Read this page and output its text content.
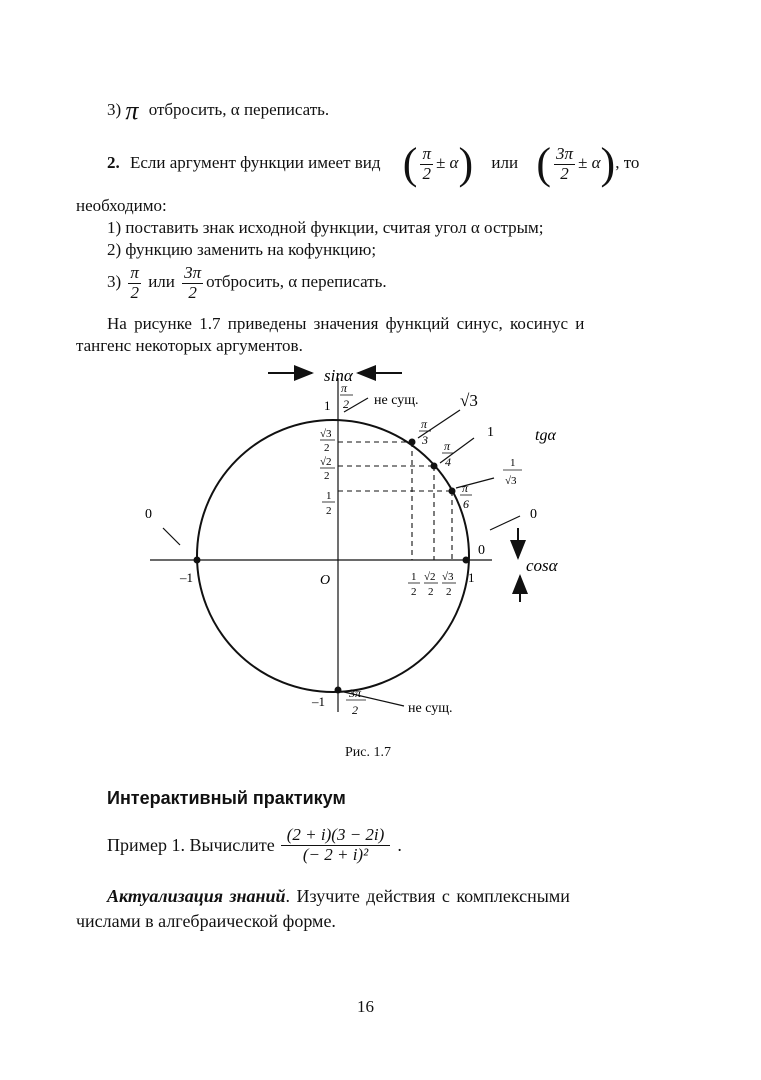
3) π отбросить, α переписать.
2. Если аргумент функции имеет вид ( $\frac{\pi}{2} \pm \alpha$) или ( $\frac{3\pi}{2} \pm \alpha$), то
необходимо:
1) поставить знак исходной функции, считая угол α острым;
2) функцию заменить на кофункцию;
$3) \frac{\pi}{2}$ или $\frac{3\pi}{2}$ отбросить, α переписать.
На рисунке 1.7 приведены значения функций синус, косинус и
тангенс некоторых аргументов.
sinα
cosα
tgα
O
π
2
1	не сущ.
√3
2
√2
2
1
2
π
3
√3
π
4
1
π
6
1
√3
0
–1	1
0
0
1
2
√2
2
√3
2
–1
3π
2	не сущ.
Рис. 1.7
Интерактивный практикум
Пример 1. Вычислите $\frac{(2 + i)(3 - 2i)}{\text{(− 2 + i)²}}$ .
Актуализация знаний. Изучите действия с комплексными
числами в алгебраической форме.
16
